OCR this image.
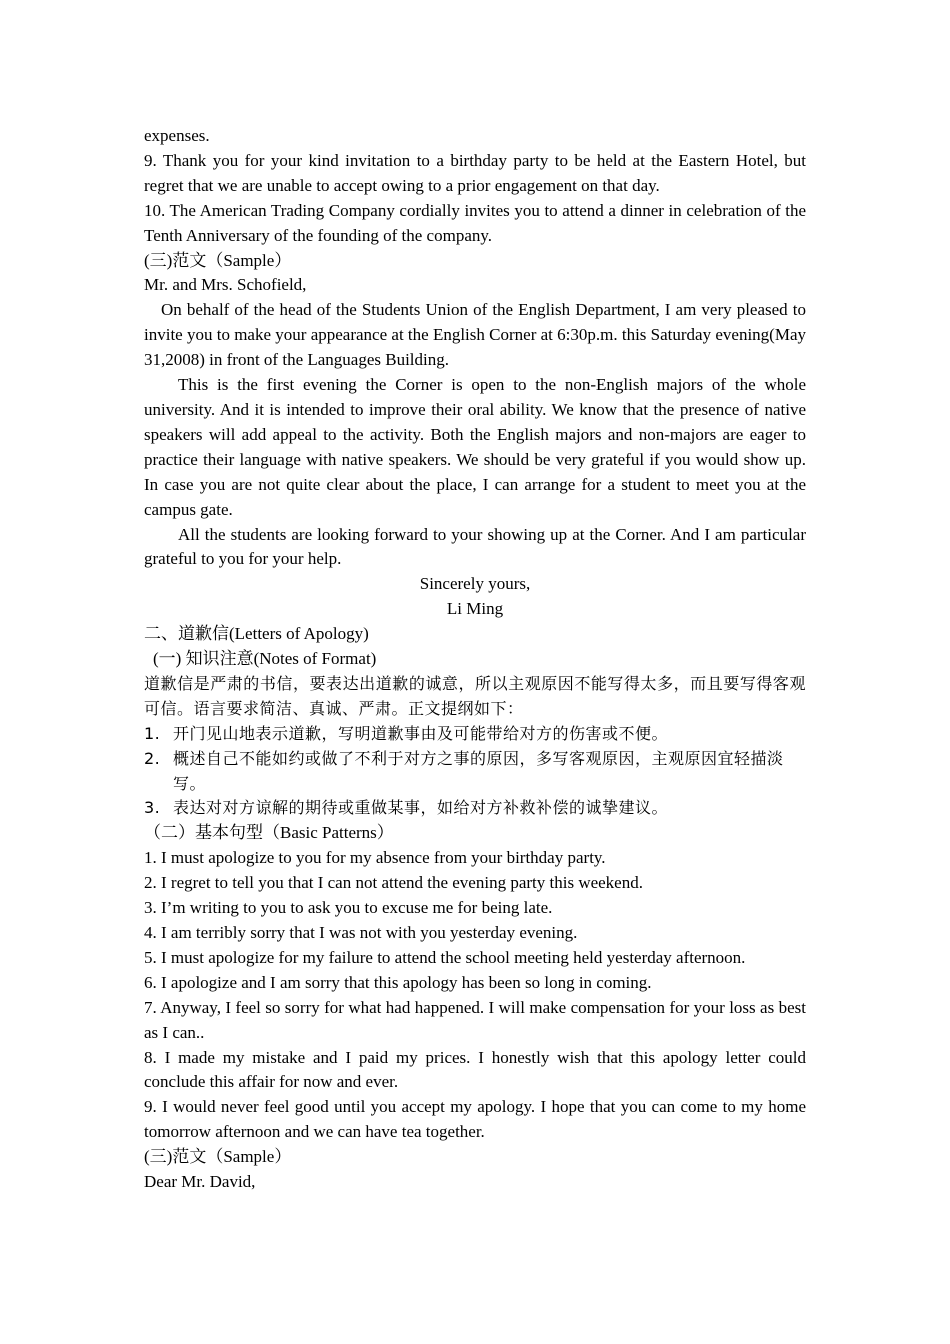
expenses.

9. Thank you for your kind invitation to a birthday party to be held at the Eastern Hotel, but regret that we are unable to accept owing to a prior engagement on that day.

10. The American Trading Company cordially invites you to attend a dinner in celebration of the Tenth Anniversary of the founding of the company.

(三)范文（Sample）

Mr. and Mrs. Schofield,

On behalf of the head of the Students Union of the English Department, I am very pleased to invite you to make your appearance at the English Corner at 6:30p.m. this Saturday evening(May 31,2008) in front of the Languages Building.

This is the first evening the Corner is open to the non-English majors of the whole university. And it is intended to improve their oral ability. We know that the presence of native speakers will add appeal to the activity. Both the English majors and non-majors are eager to practice their language with native speakers. We should be very grateful if you would show up. In case you are not quite clear about the place, I can arrange for a student to meet you at the campus gate.

All the students are looking forward to your showing up at the Corner. And I am particular grateful to you for your help.

Sincerely yours,

Li Ming

二、道歉信(Letters of Apology)

(一) 知识注意(Notes of Format)

道歉信是严肃的书信，要表达出道歉的诚意，所以主观原因不能写得太多，而且要写得客观可信。语言要求简洁、真诚、严肃。正文提纲如下：

1. 开门见山地表示道歉，写明道歉事由及可能带给对方的伤害或不便。
2. 概述自己不能如约或做了不利于对方之事的原因，多写客观原因，主观原因宜轻描淡写。
3. 表达对对方谅解的期待或重做某事，如给对方补救补偿的诚挚建议。

（二）基本句型（Basic Patterns）

1. I must apologize to you for my absence from your birthday party.

2. I regret to tell you that I can not attend the evening party this weekend.

3. I’m writing to you to ask you to excuse me for being late.

4. I am terribly sorry that I was not with you yesterday evening.

5. I must apologize for my failure to attend the school meeting held yesterday afternoon.

6. I apologize and I am sorry that this apology has been so long in coming.

7. Anyway, I feel so sorry for what had happened. I will make compensation for your loss as best as I can..

8. I made my mistake and I paid my prices. I honestly wish that this apology letter could conclude this affair for now and ever.

9. I would never feel good until you accept my apology. I hope that you can come to my home tomorrow afternoon and we can have tea together.

(三)范文（Sample）

Dear Mr. David,
